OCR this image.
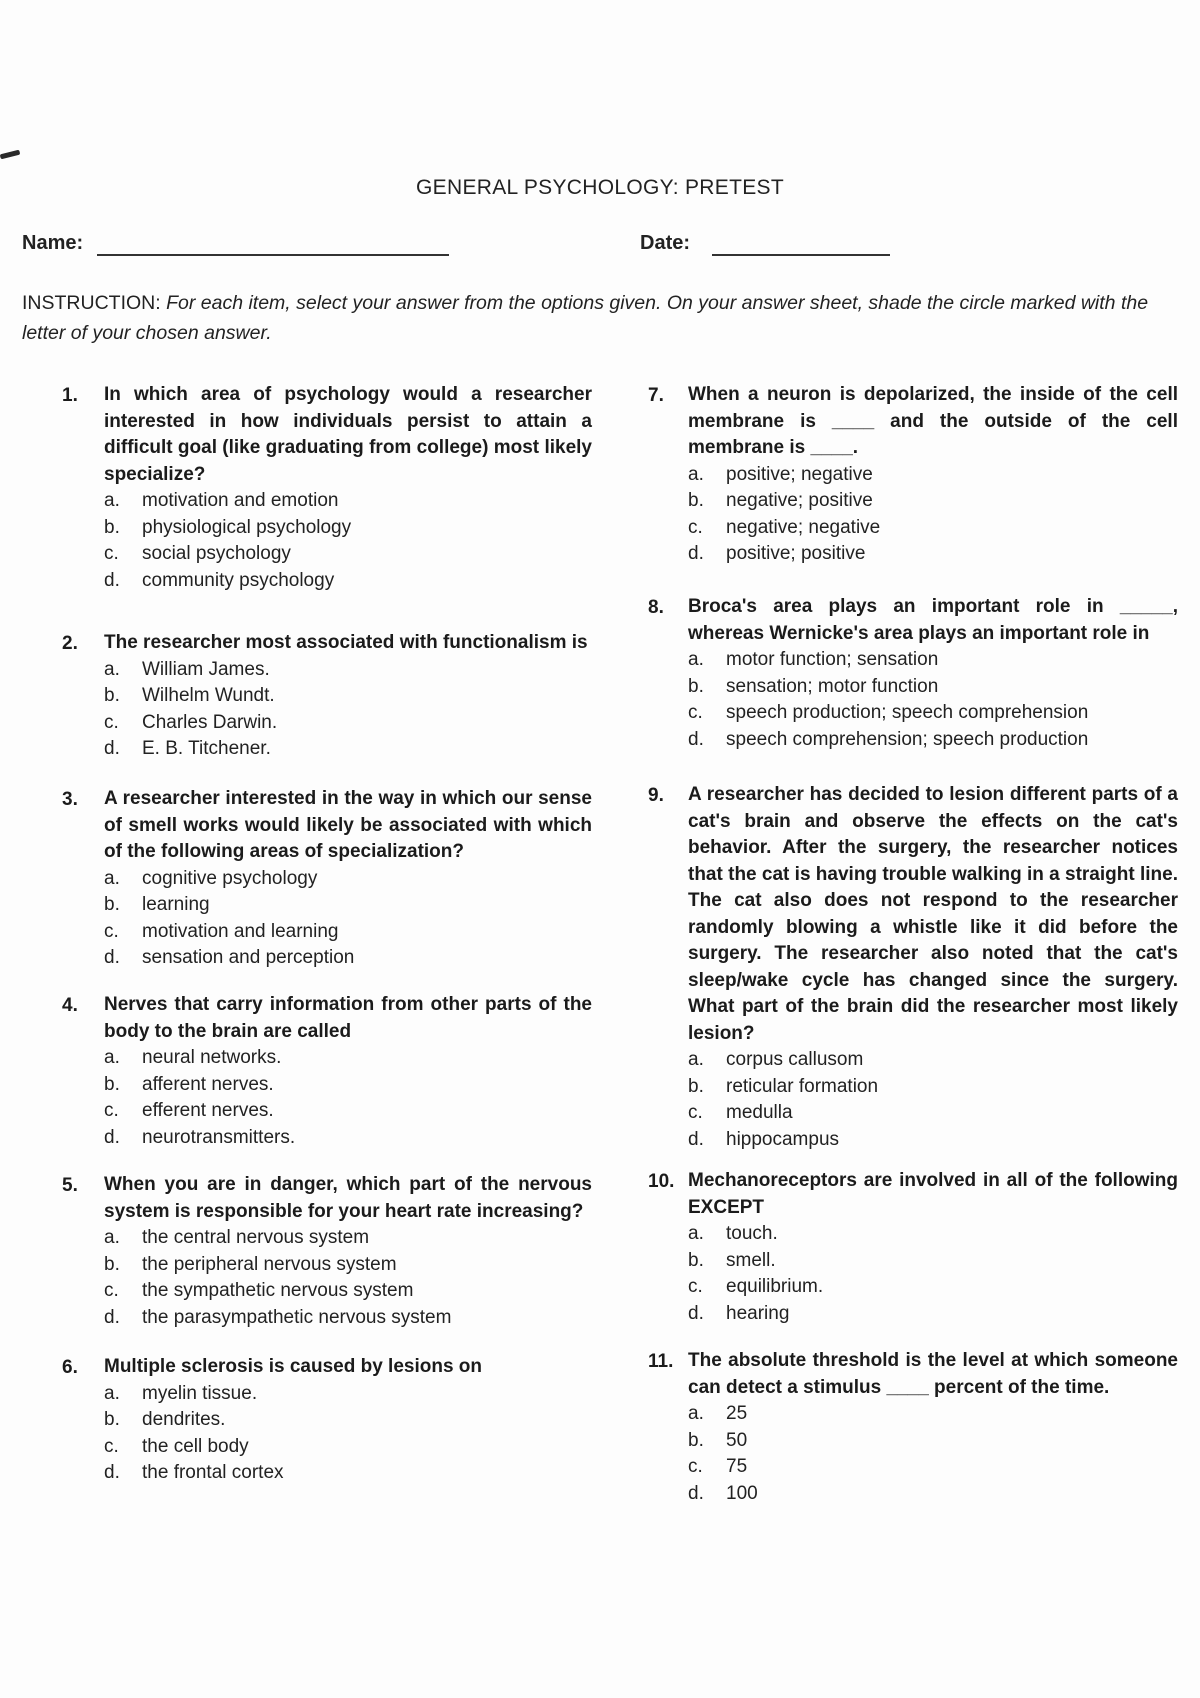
GENERAL PSYCHOLOGY: PRETEST
Name:	Date:
INSTRUCTION: For each item, select your answer from the options given. On your answer sheet, shade the circle marked with the letter of your chosen answer.
1. In which area of psychology would a researcher interested in how individuals persist to attain a difficult goal (like graduating from college) most likely specialize?
a. motivation and emotion
b. physiological psychology
c. social psychology
d. community psychology
2. The researcher most associated with functionalism is
a. William James.
b. Wilhelm Wundt.
c. Charles Darwin.
d. E. B. Titchener.
3. A researcher interested in the way in which our sense of smell works would likely be associated with which of the following areas of specialization?
a. cognitive psychology
b. learning
c. motivation and learning
d. sensation and perception
4. Nerves that carry information from other parts of the body to the brain are called
a. neural networks.
b. afferent nerves.
c. efferent nerves.
d. neurotransmitters.
5. When you are in danger, which part of the nervous system is responsible for your heart rate increasing?
a. the central nervous system
b. the peripheral nervous system
c. the sympathetic nervous system
d. the parasympathetic nervous system
6. Multiple sclerosis is caused by lesions on
a. myelin tissue.
b. dendrites.
c. the cell body
d. the frontal cortex
7. When a neuron is depolarized, the inside of the cell membrane is ____ and the outside of the cell membrane is ____.
a. positive; negative
b. negative; positive
c. negative; negative
d. positive; positive
8. Broca's area plays an important role in _____, whereas Wernicke's area plays an important role in
a. motor function; sensation
b. sensation; motor function
c. speech production; speech comprehension
d. speech comprehension; speech production
9. A researcher has decided to lesion different parts of a cat's brain and observe the effects on the cat's behavior. After the surgery, the researcher notices that the cat is having trouble walking in a straight line. The cat also does not respond to the researcher randomly blowing a whistle like it did before the surgery. The researcher also noted that the cat's sleep/wake cycle has changed since the surgery. What part of the brain did the researcher most likely lesion?
a. corpus callusom
b. reticular formation
c. medulla
d. hippocampus
10. Mechanoreceptors are involved in all of the following EXCEPT
a. touch.
b. smell.
c. equilibrium.
d. hearing
11. The absolute threshold is the level at which someone can detect a stimulus ____ percent of the time.
a. 25
b. 50
c. 75
d. 100
